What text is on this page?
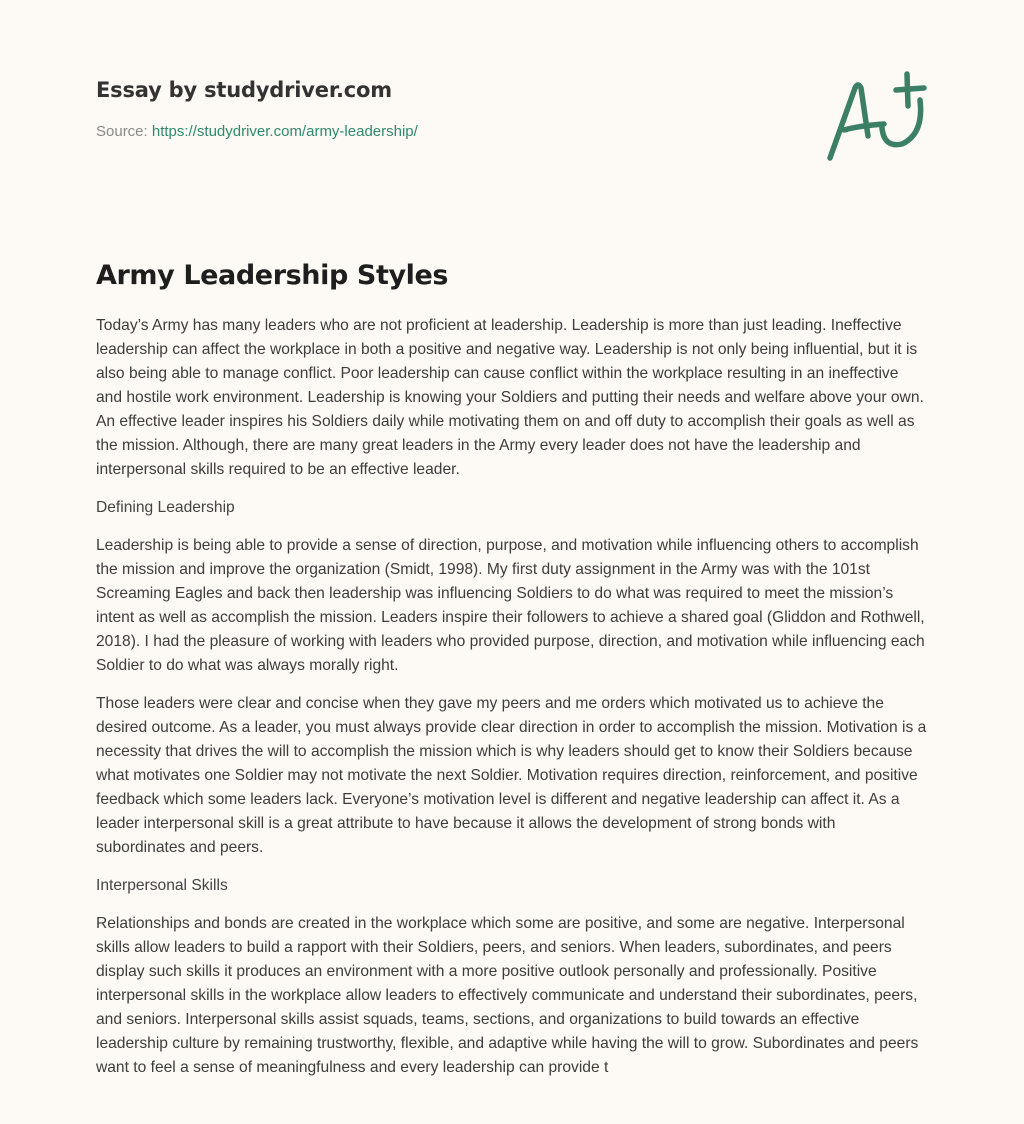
Essay by studydriver.com
Source: https://studydriver.com/army-leadership/
Army Leadership Styles

Today’s Army has many leaders who are not proficient at leadership. Leadership is more than just leading. Ineffective leadership can affect the workplace in both a positive and negative way. Leadership is not only being influential, but it is also being able to manage conflict. Poor leadership can cause conflict within the workplace resulting in an ineffective and hostile work environment. Leadership is knowing your Soldiers and putting their needs and welfare above your own. An effective leader inspires his Soldiers daily while motivating them on and off duty to accomplish their goals as well as the mission. Although, there are many great leaders in the Army every leader does not have the leadership and interpersonal skills required to be an effective leader.

Defining Leadership

Leadership is being able to provide a sense of direction, purpose, and motivation while influencing others to accomplish the mission and improve the organization (Smidt, 1998). My first duty assignment in the Army was with the 101st Screaming Eagles and back then leadership was influencing Soldiers to do what was required to meet the mission’s intent as well as accomplish the mission. Leaders inspire their followers to achieve a shared goal (Gliddon and Rothwell, 2018). I had the pleasure of working with leaders who provided purpose, direction, and motivation while influencing each Soldier to do what was always morally right.

Those leaders were clear and concise when they gave my peers and me orders which motivated us to achieve the desired outcome. As a leader, you must always provide clear direction in order to accomplish the mission. Motivation is a necessity that drives the will to accomplish the mission which is why leaders should get to know their Soldiers because what motivates one Soldier may not motivate the next Soldier. Motivation requires direction, reinforcement, and positive feedback which some leaders lack. Everyone’s motivation level is different and negative leadership can affect it. As a leader interpersonal skill is a great attribute to have because it allows the development of strong bonds with subordinates and peers.

Interpersonal Skills

Relationships and bonds are created in the workplace which some are positive, and some are negative. Interpersonal skills allow leaders to build a rapport with their Soldiers, peers, and seniors. When leaders, subordinates, and peers display such skills it produces an environment with a more positive outlook personally and professionally. Positive interpersonal skills in the workplace allow leaders to effectively communicate and understand their subordinates, peers, and seniors. Interpersonal skills assist squads, teams, sections, and organizations to build towards an effective leadership culture by remaining trustworthy, flexible, and adaptive while having the will to grow. Subordinates and peers want to feel a sense of meaningfulness and every leadership can provide t
